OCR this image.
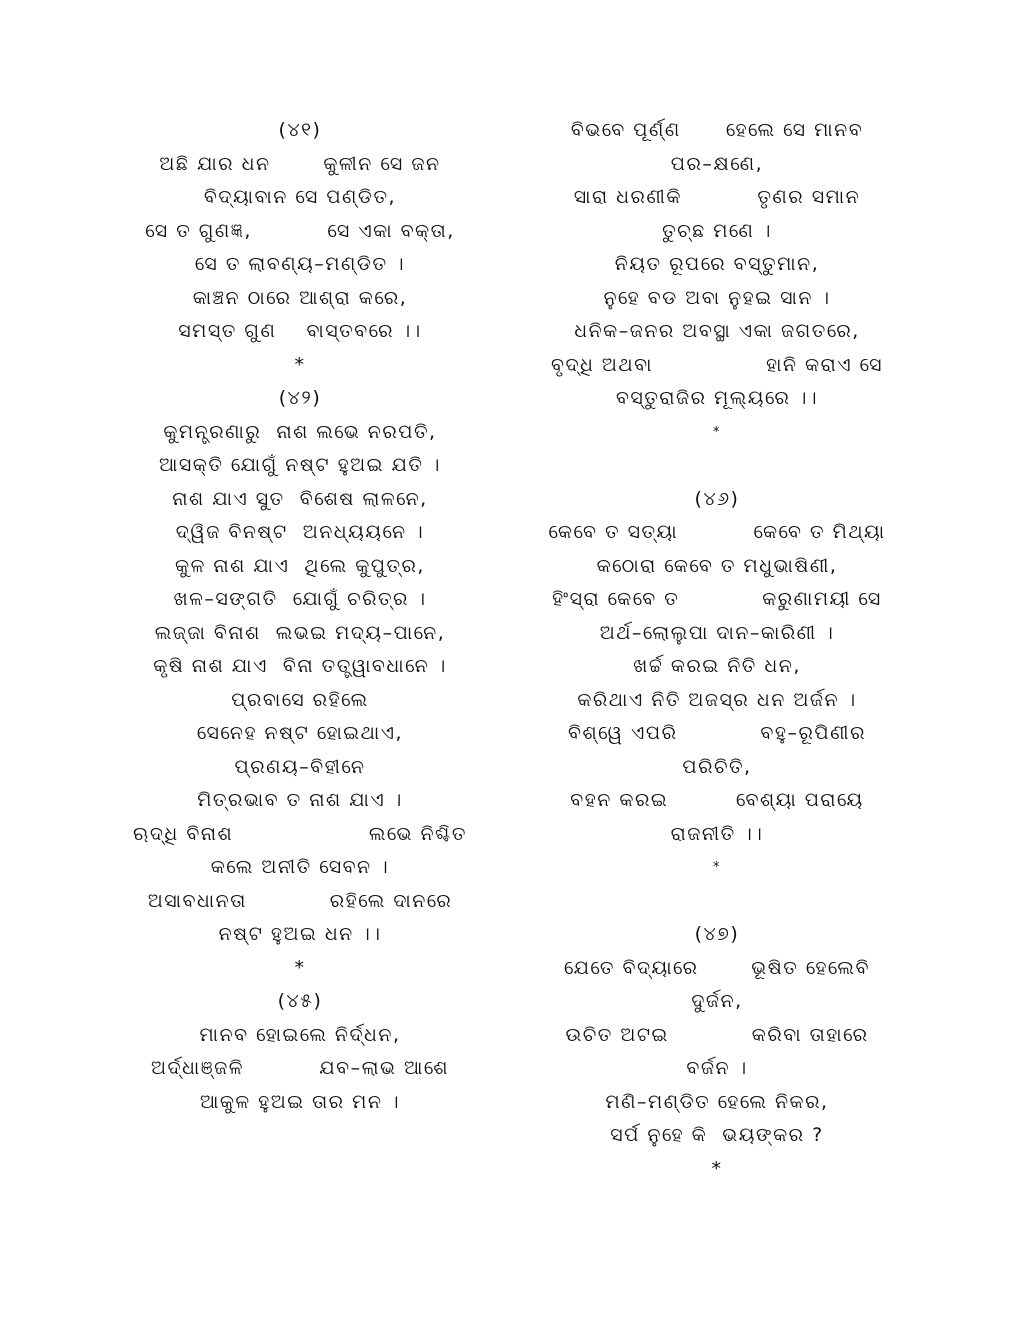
(୪୧)
ଅଛି ଯାର ଧନ       କୁଳୀନ ସେ ଜନ
ବିଦ୍ୟାବାନ ସେ ପଣ୍ଡିତ,
ସେ ତ ଗୁଣଜ୍ଞ,          ସେ ଏକା ବକ୍ତା,
ସେ ତ ଲାବଣ୍ୟ–ମଣ୍ଡିତ ।
କାଞ୍ଚନ ଠାରେ ଆଶ୍ରା କରେ,
ସମସ୍ତ ଗୁଣ    ବାସ୍ତବରେ ।।
*
(୪୨)
କୁମନ୍ତ୍ରଣାରୁ  ନାଶ ଲଭେ ନରପତି,
ଆସକ୍ତି ଯୋଗୁଁ ନଷ୍ଟ ହୁଅଇ ଯତି ।
ନାଶ ଯାଏ ସୁତ  ବିଶେଷ ଲାଳନେ,
ଦ୍ୱିଜ ବିନଷ୍ଟ  ଅନଧ୍ୟୟନେ ।
କୁଳ ନାଶ ଯାଏ  ଥିଲେ କୁପୁତ୍ର,
ଖଳ–ସଙ୍ଗତି  ଯୋଗୁଁ ଚରିତ୍ର ।
ଲଜ୍ଜା ବିନାଶ  ଲଭଇ ମଦ୍ୟ–ପାନେ,
କୃଷି ନାଶ ଯାଏ  ବିନା ତତ୍ତ୍ୱାବଧାନେ ।
ପ୍ରବାସେ ରହିଲେ
ସେନେହ ନଷ୍ଟ ହୋଇଥାଏ,
ପ୍ରଣୟ–ବିହୀନେ
ମିତ୍ରଭାବ ତ ନାଶ ଯାଏ ।
ଋଦ୍ଧି ବିନାଶ                  ଲଭେ ନିଶ୍ଚିତ
କଲେ ଅନୀତି ସେବନ ।
ଅସାବଧାନତା           ରହିଲେ ଦାନରେ
ନଷ୍ଟ ହୁଅଇ ଧନ ।।
*
(୪୫)
ମାନବ ହୋଇଲେ ନିର୍ଦ୍ଧନ,
ଅର୍ଦ୍ଧାଞ୍ଜଳି          ଯବ–ଲାଭ ଆଶେ
ଆକୁଳ ହୁଅଇ ତାର ମନ ।
ବିଭବେ ପୂର୍ଣ୍ଣ      ହେଲେ ସେ ମାନବ
ପର–କ୍ଷଣେ,
ସାରା ଧରଣୀକି          ତୃଣର ସମାନ
ତୁଚ୍ଛ ମଣେ ।
ନିୟତ ରୂପରେ ବସ୍ତୁମାନ,
ନୁହେ ବଡ ଅବା ନୁହଇ ସାନ ।
ଧନିକ–ଜନର ଅବସ୍ଥା ଏକା ଜଗତରେ,
ବୃଦ୍ଧି ଅଥବା               ହାନି କରାଏ ସେ
ବସ୍ତୁରାଜିର ମୂଲ୍ୟରେ ।।
*
(୪୬)
କେବେ ତ ସତ୍ୟା          କେବେ ତ ମିଥ୍ୟା
କଠୋରା କେବେ ତ ମଧୁଭାଷିଣୀ,
ହିଂସ୍ରା କେବେ ତ           କରୁଣାମୟୀ ସେ
ଅର୍ଥ–ଲୋଲୁପା ଦାନ–କାରିଣୀ ।
ଖର୍ଚ୍ଚ କରଇ ନିତି ଧନ,
କରିଥାଏ ନିତି ଅଜସ୍ର ଧନ ଅର୍ଜନ ।
ବିଶ୍ୱେ ଏପରି           ବହୁ–ରୂପିଣୀର
ପରିଚିତି,
ବହନ କରଇ         ବେଶ୍ୟା ପରାୟେ
ରାଜନୀତି ।।
*
(୪୭)
ଯେତେ ବିଦ୍ୟାରେ       ଭୂଷିତ ହେଲେବି
ଦୁର୍ଜନ,
ଉଚିତ ଅଟଇ           କରିବା ତାହାରେ
ବର୍ଜନ ।
ମଣି–ମଣ୍ଡିତ ହେଲେ ନିକର,
ସର୍ପ ନୁହେ କି  ଭୟଙ୍କର ?
*
